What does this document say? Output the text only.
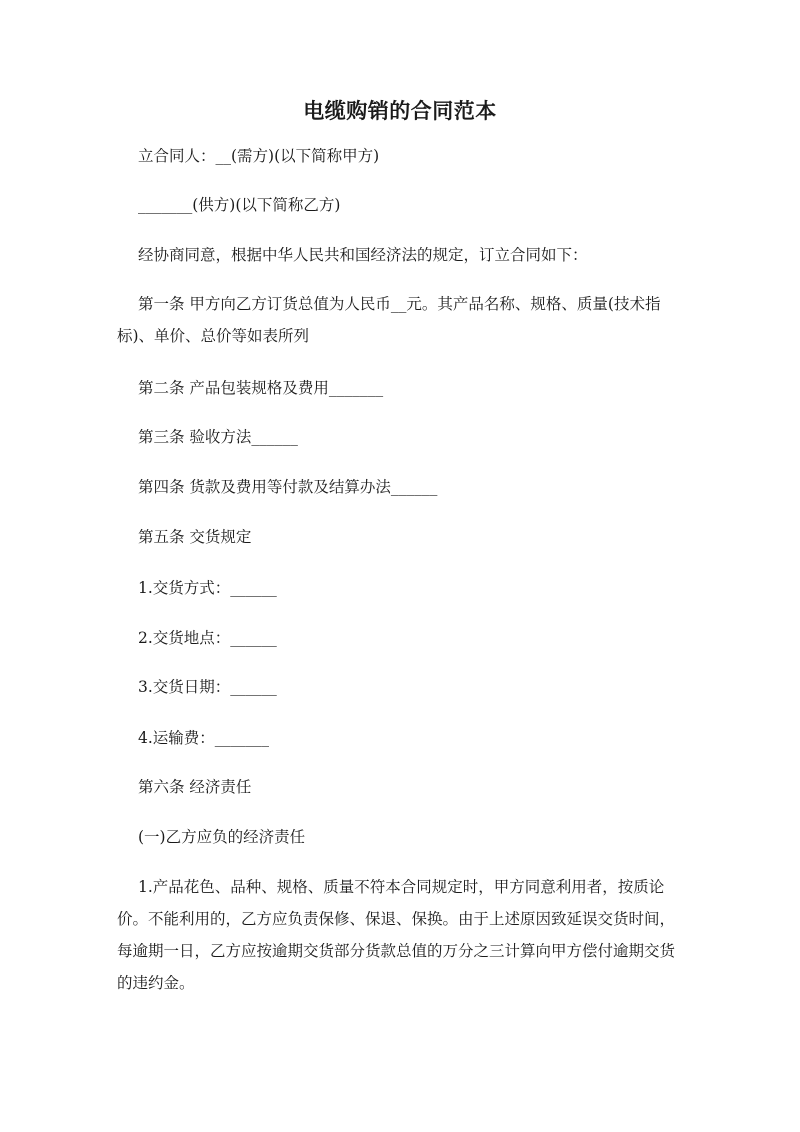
电缆购销的合同范本
立合同人：__(需方)(以下简称甲方)
_______(供方)(以下简称乙方)
经协商同意，根据中华人民共和国经济法的规定，订立合同如下：
第一条 甲方向乙方订货总值为人民币__元。其产品名称、规格、质量(技术指标)、单价、总价等如表所列
第二条 产品包装规格及费用_______
第三条 验收方法______
第四条 货款及费用等付款及结算办法______
第五条 交货规定
1.交货方式：______
2.交货地点：______
3.交货日期：______
4.运输费：_______
第六条 经济责任
(一)乙方应负的经济责任
1.产品花色、品种、规格、质量不符本合同规定时，甲方同意利用者，按质论价。不能利用的，乙方应负责保修、保退、保换。由于上述原因致延误交货时间，每逾期一日，乙方应按逾期交货部分货款总值的万分之三计算向甲方偿付逾期交货的违约金。
